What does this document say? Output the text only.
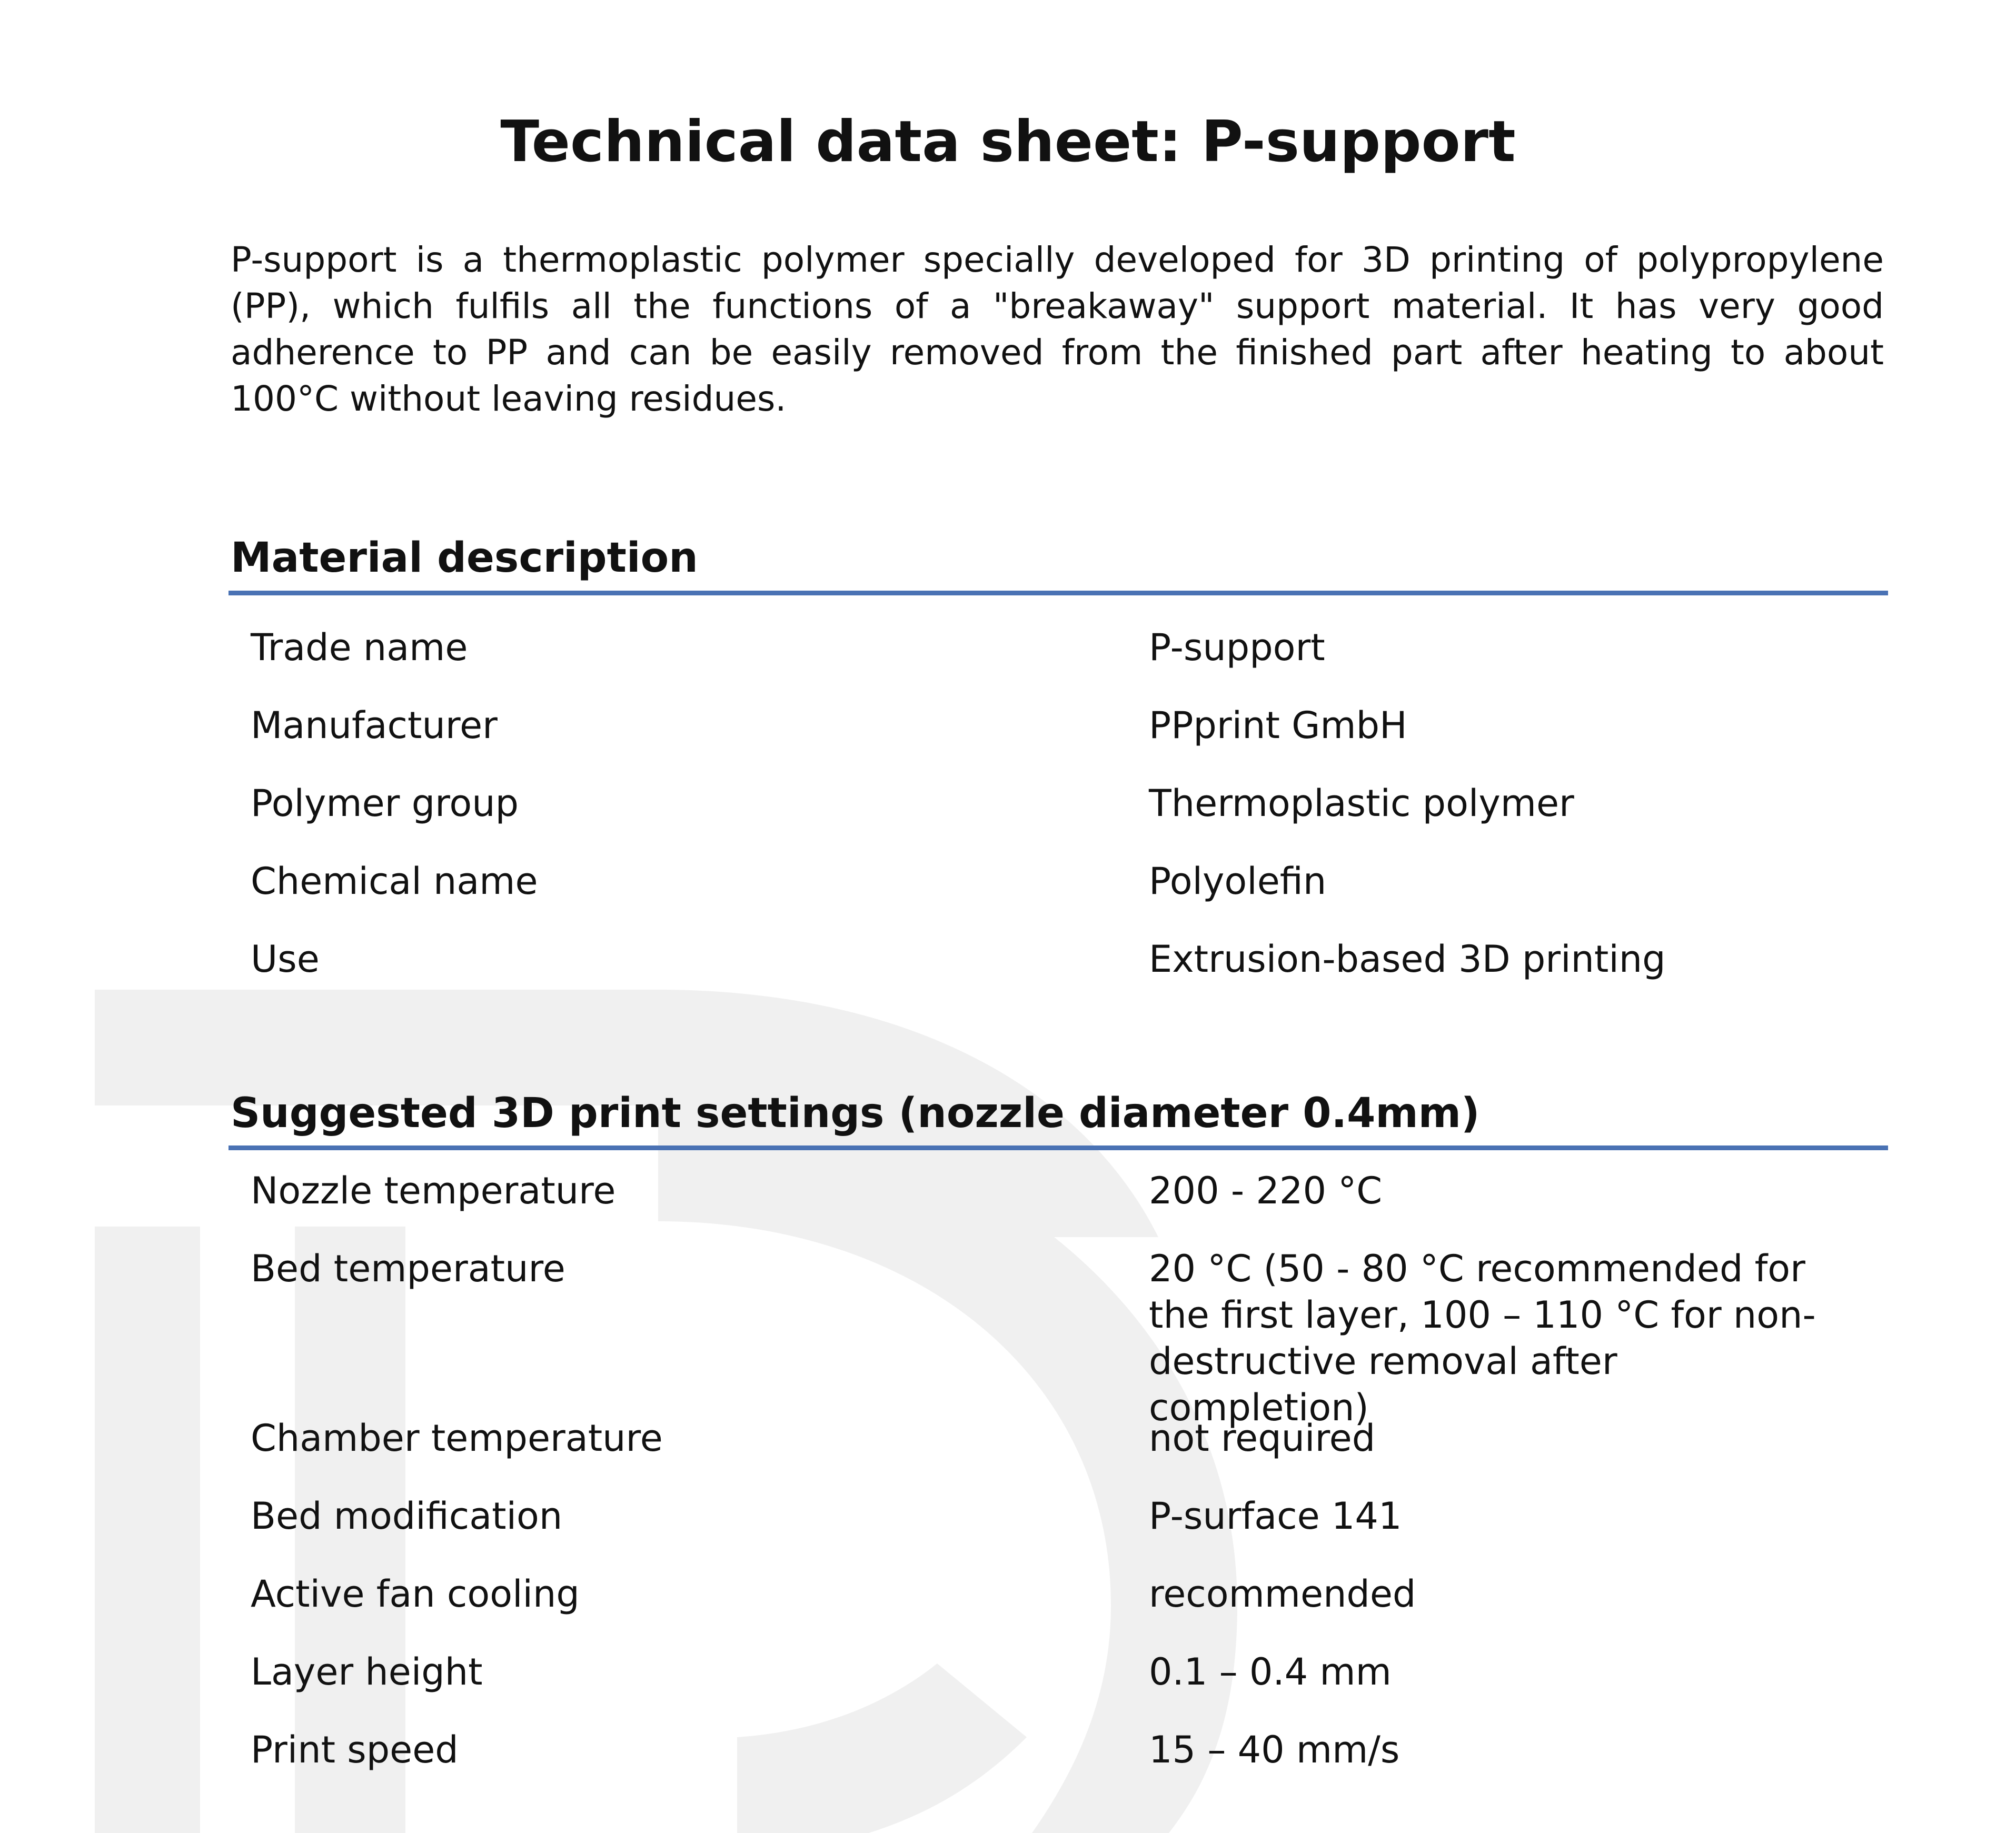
Technical data sheet: P-support

P-support is a thermoplastic polymer specially developed for 3D printing of polypropylene (PP), which fulfils all the functions of a "breakaway" support material. It has very good adherence to PP and can be easily removed from the finished part after heating to about 100°C without leaving residues.

Material description
Trade name	P-support
Manufacturer	PPprint GmbH
Polymer group	Thermoplastic polymer
Chemical name	Polyolefin
Use	Extrusion-based 3D printing
Suggested 3D print settings (nozzle diameter 0.4mm)
Nozzle temperature	200 - 220 °C
Bed temperature	20 °C (50 - 80 °C recommended for the first layer, 100 – 110 °C for non-destructive removal after completion)
Chamber temperature	not required
Bed modification	P-surface 141
Active fan cooling	recommended
Layer height	0.1 – 0.4 mm
Print speed	15 – 40 mm/s
